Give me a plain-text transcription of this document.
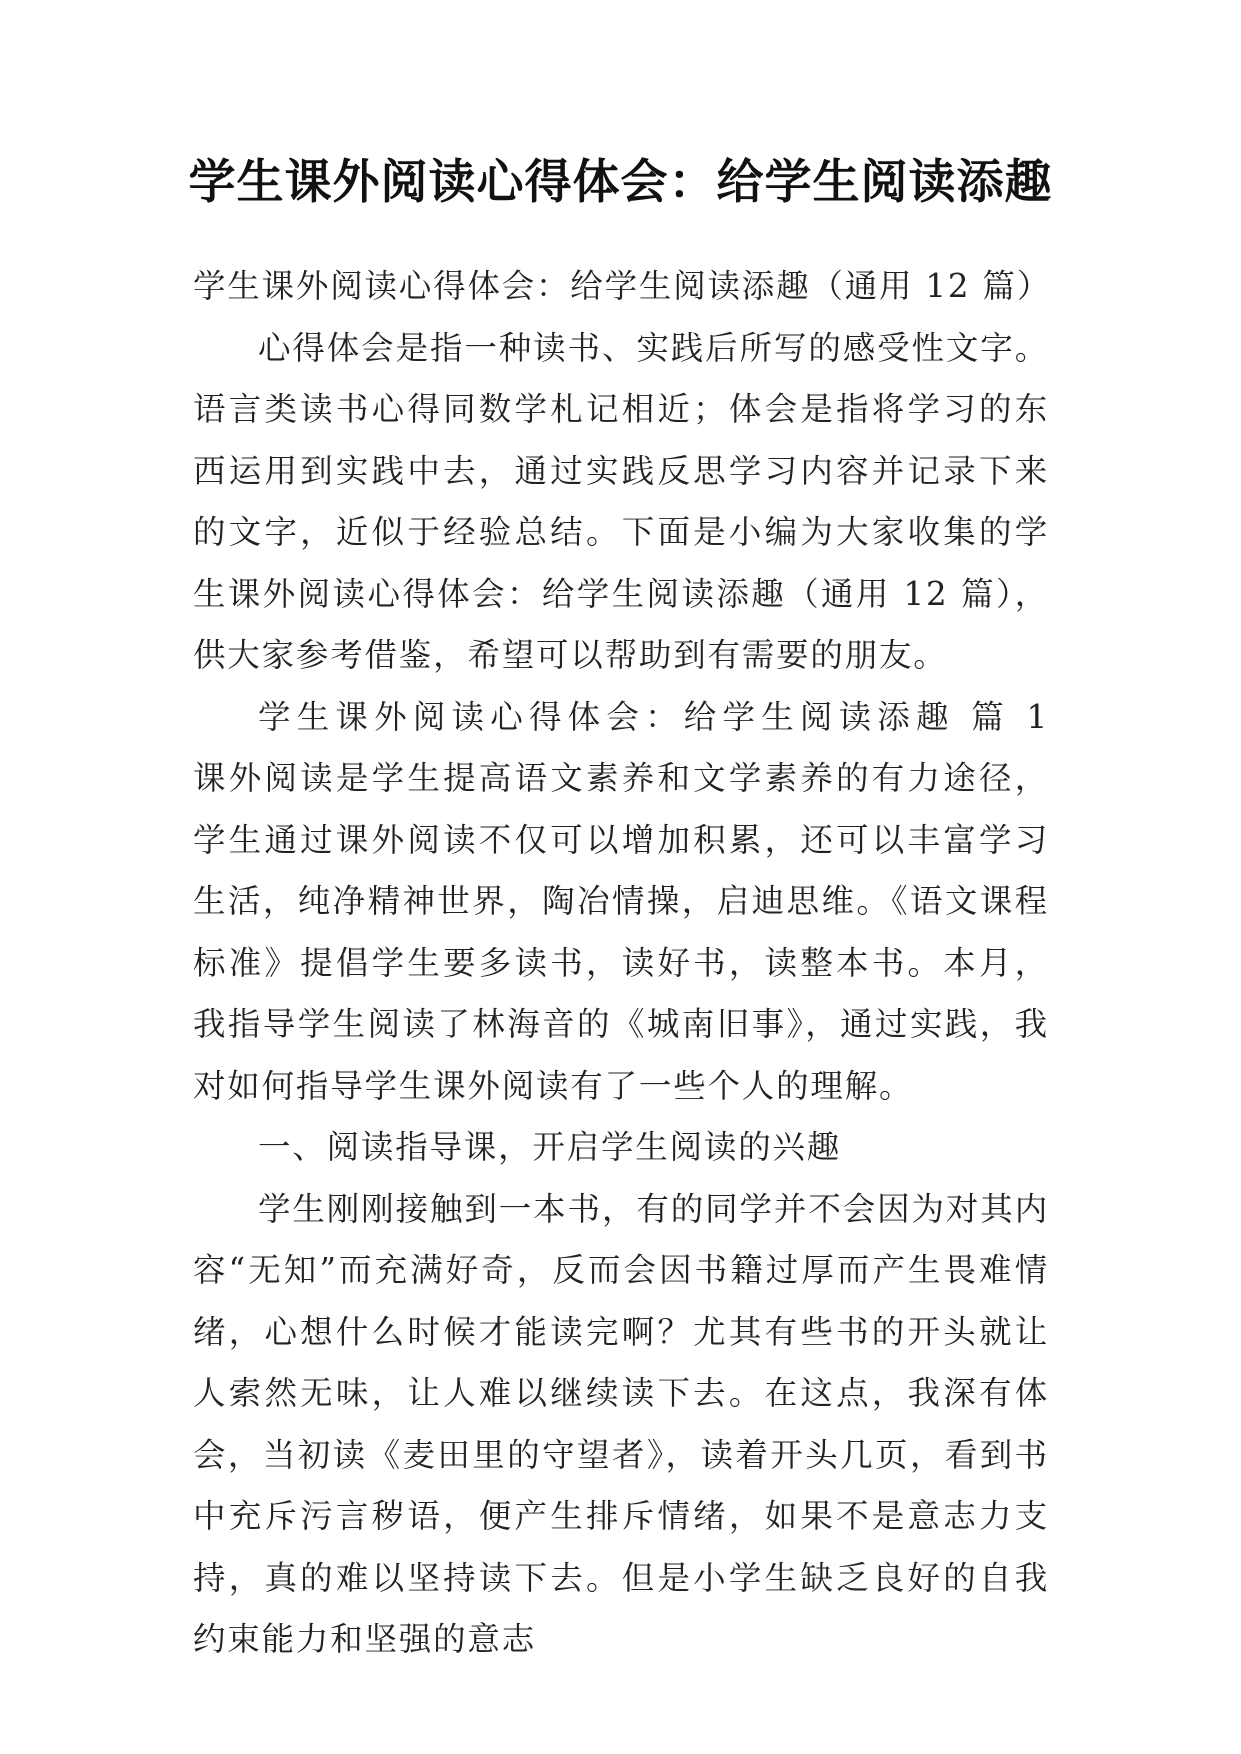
学生课外阅读心得体会：给学生阅读添趣

学生课外阅读心得体会：给学生阅读添趣（通用 12 篇）

心得体会是指一种读书、实践后所写的感受性文字。语言类读书心得同数学札记相近；体会是指将学习的东西运用到实践中去，通过实践反思学习内容并记录下来的文字，近似于经验总结。下面是小编为大家收集的学生课外阅读心得体会：给学生阅读添趣（通用 12 篇），供大家参考借鉴，希望可以帮助到有需要的朋友。

学生课外阅读心得体会：给学生阅读添趣 篇 1　　课外阅读是学生提高语文素养和文学素养的有力途径，学生通过课外阅读不仅可以增加积累，还可以丰富学习生活，纯净精神世界，陶冶情操，启迪思维。《语文课程标准》提倡学生要多读书，读好书，读整本书。本月，我指导学生阅读了林海音的《城南旧事》，通过实践，我对如何指导学生课外阅读有了一些个人的理解。

一、阅读指导课，开启学生阅读的兴趣

学生刚刚接触到一本书，有的同学并不会因为对其内容“无知”而充满好奇，反而会因书籍过厚而产生畏难情绪，心想什么时候才能读完啊？尤其有些书的开头就让人索然无味，让人难以继续读下去。在这点，我深有体会，当初读《麦田里的守望者》，读着开头几页，看到书中充斥污言秽语，便产生排斥情绪，如果不是意志力支持，真的难以坚持读下去。但是小学生缺乏良好的自我约束能力和坚强的意志
